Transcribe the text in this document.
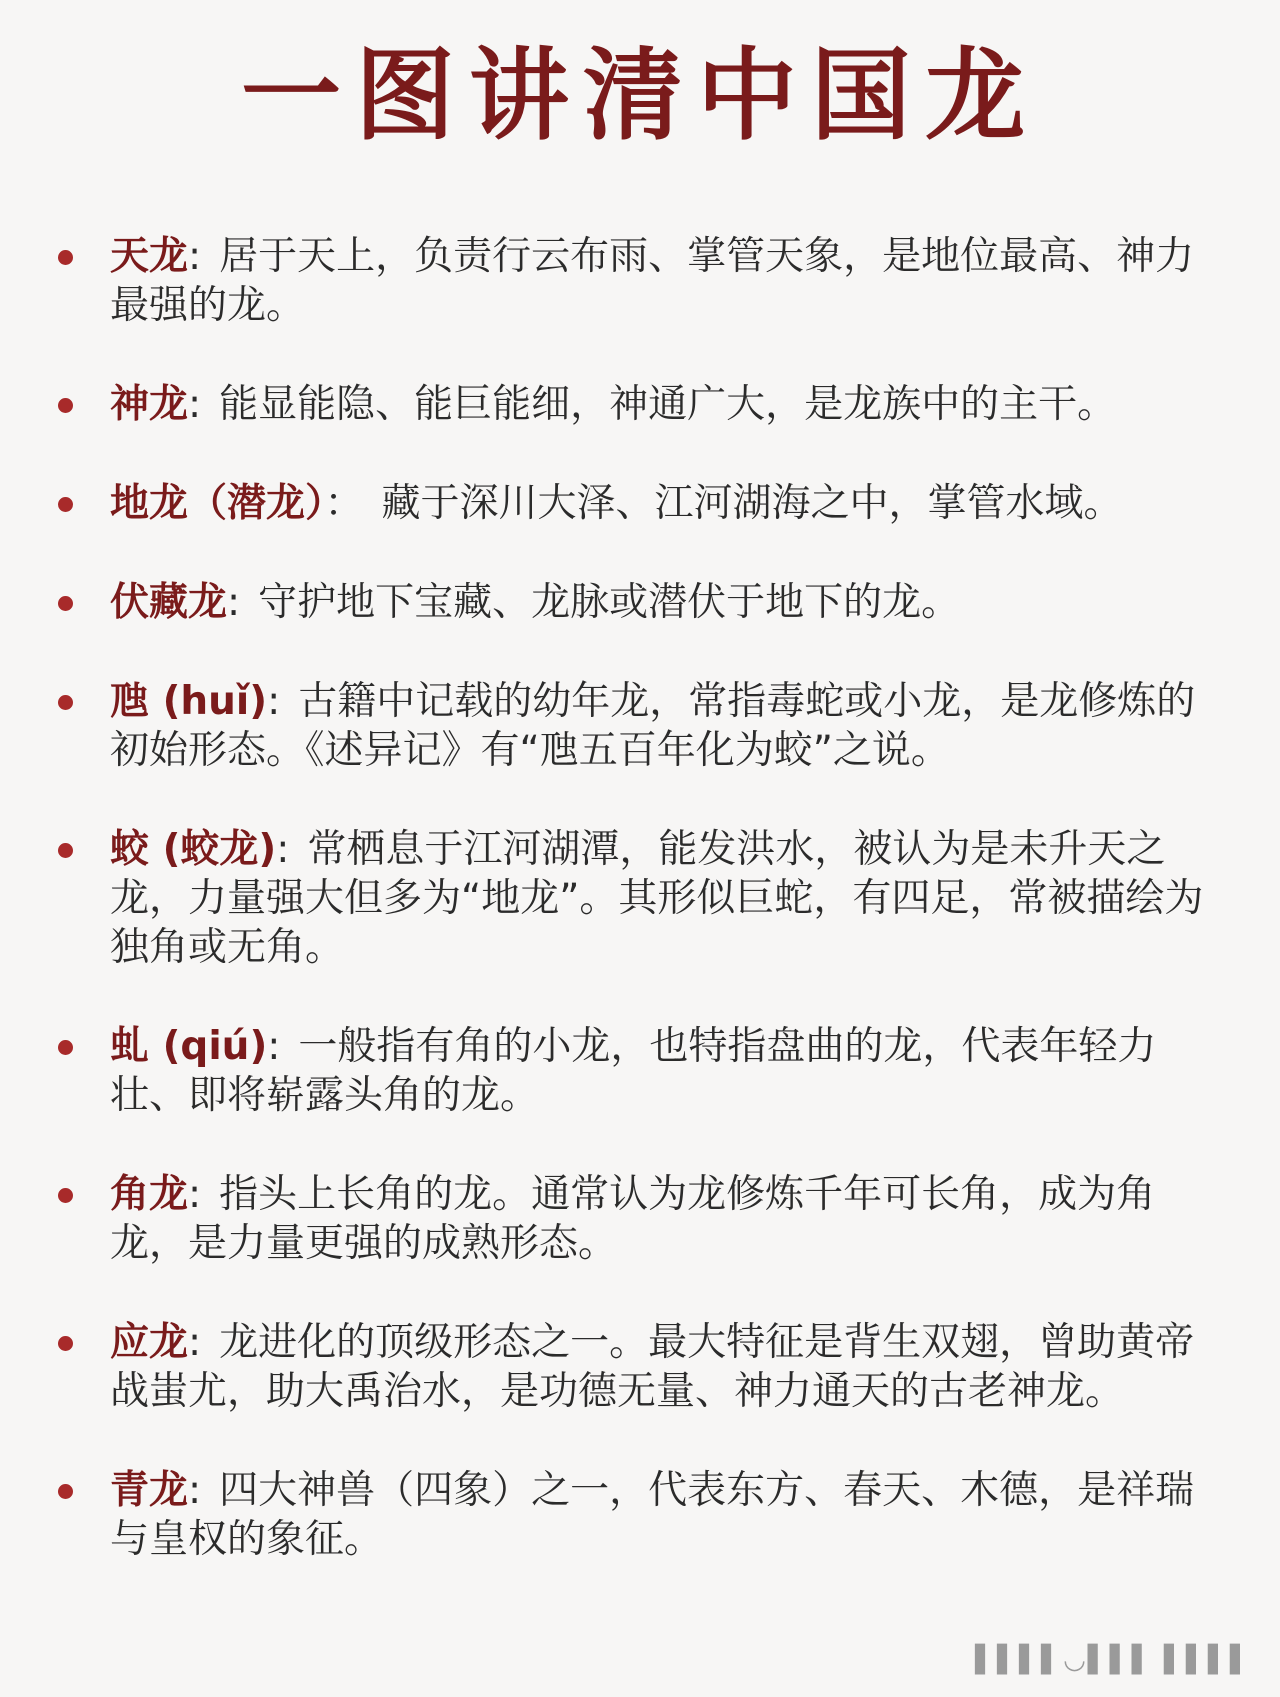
一图讲清中国龙
天龙: 居于天上，负责行云布雨、掌管天象，是地位最高、神力最强的龙。
神龙: 能显能隐、能巨能细，神通广大，是龙族中的主干。
地龙（潜龙）： 藏于深川大泽、江河湖海之中，掌管水域。
伏藏龙: 守护地下宝藏、龙脉或潜伏于地下的龙。
虺 (huǐ): 古籍中记载的幼年龙，常指毒蛇或小龙，是龙修炼的初始形态。《述异记》有“虺五百年化为蛟”之说。
蛟 (蛟龙): 常栖息于江河湖潭，能发洪水，被认为是未升天之龙，力量强大但多为“地龙”。其形似巨蛇，有四足，常被描绘为独角或无角。
虬 (qiú): 一般指有角的小龙，也特指盘曲的龙，代表年轻力壮、即将崭露头角的龙。
角龙: 指头上长角的龙。通常认为龙修炼千年可长角，成为角龙，是力量更强的成熟形态。
应龙: 龙进化的顶级形态之一。最大特征是背生双翅，曾助黄帝战蚩尤，助大禹治水，是功德无量、神力通天的古老神龙。
青龙: 四大神兽（四象）之一，代表东方、春天、木德，是祥瑞与皇权的象征。
▌▌▌▌◡▌▌▌ ▌▌▌▌
